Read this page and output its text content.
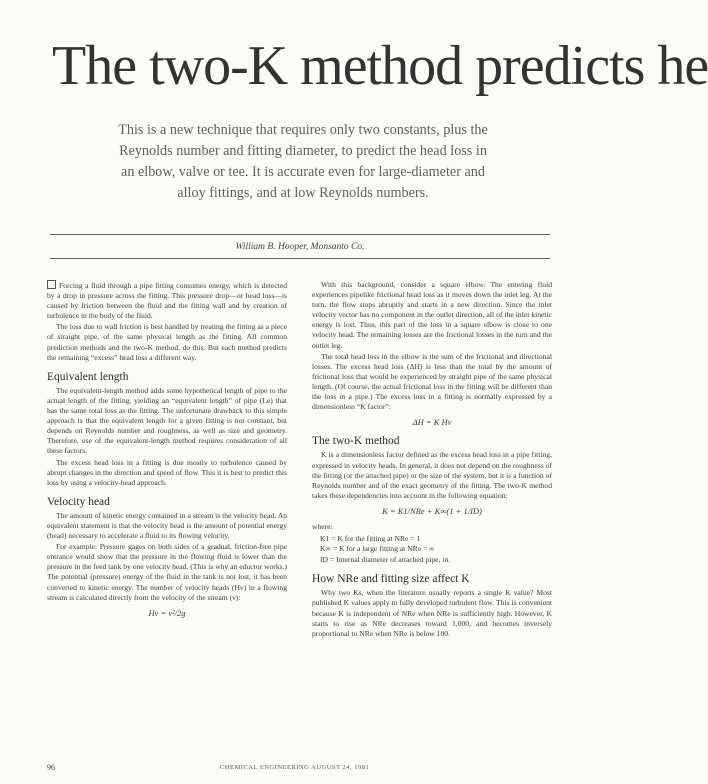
The two-K method predicts he
This is a new technique that requires only two constants, plus the Reynolds number and fitting diameter, to predict the head loss in an elbow, valve or tee. It is accurate even for large-diameter and alloy fittings, and at low Reynolds numbers.
William B. Hooper, Monsanto Co.

Forcing a fluid through a pipe fitting consumes energy, which is detected by a drop in pressure across the fitting. This pressure drop—or head loss—is caused by friction between the fluid and the fitting wall and by creation of turbulence in the body of the fluid.

The loss due to wall friction is best handled by treating the fitting as a piece of straight pipe, of the same physical length as the fitting. All common prediction methods and the two-K method, do this. But each method predicts the remaining “excess” head loss a different way.

Equivalent length

The equivalent-length method adds some hypothetical length of pipe to the actual length of the fitting, yielding an “equivalent length” of pipe (Le) that has the same total loss as the fitting. The unfortunate drawback to this simple approach is that the equivalent length for a given fitting is not constant, but depends on Reynolds number and roughness, as well as size and geometry. Therefore, use of the equivalent-length method requires consideration of all these factors.

The excess head loss in a fitting is due mostly to turbulence caused by abrupt changes in the direction and speed of flow. This it is best to predict this loss by using a velocity-head approach.

Velocity head

The amount of kinetic energy contained in a stream is the velocity head. An equivalent statement is that the velocity head is the amount of potential energy (head) necessary to accelerate a fluid to its flowing velocity.

For example: Pressure gages on both sides of a gradual, friction-free pipe entrance would show that the pressure in the flowing fluid is lower than the pressure in the feed tank by one velocity head. (This is why an eductor works.) The potential (pressure) energy of the fluid in the tank is not lost, it has been converted to kinetic energy. The number of velocity heads (Hv) in a flowing stream is calculated directly from the velocity of the stream (v):

Hv = v²/2g

With this background, consider a square elbow. The entering fluid experiences pipelike frictional head loss as it moves down the inlet leg. At the turn, the flow stops abruptly and starts in a new direction. Since the inlet velocity vector has no component in the outlet direction, all of the inlet kinetic energy is lost. Thus, this part of the loss in a square elbow is close to one velocity head. The remaining losses are the frictional losses in the turn and the outlet leg.

The total head loss in the elbow is the sum of the frictional and directional losses. The excess head loss (ΔH) is less than the total by the amount of frictional loss that would be experienced by straight pipe of the same physical length. (Of course, the actual frictional loss in the fitting will be different than the loss in a pipe.) The excess loss in a fitting is normally expressed by a dimensionless “K factor”:

ΔH = K Hv
The two-K method

K is a dimensionless factor defined as the excess head loss in a pipe fitting, expressed in velocity heads. In general, it does not depend on the roughness of the fitting (or the attached pipe) or the size of the system, but it is a function of Reynolds number and of the exact geometry of the fitting. The two-K method takes these dependencies into account in the following equation:

K = K1/NRe + K∞(1 + 1/ID)

where:

K1 = K for the fitting at NRe = 1
K∞ = K for a large fitting at NRe = ∞
ID = Internal diameter of attached pipe, in.
How NRe and fitting size affect K

Why two Ks, when the literature usually reports a single K value? Most published K values apply to fully developed turbulent flow. This is convenient because K is independent of NRe when NRe is sufficiently high. However, K starts to rise as NRe decreases toward 1,000, and becomes inversely proportional to NRe when NRe is below 100.

96	CHEMICAL ENGINEERING AUGUST 24, 1981
